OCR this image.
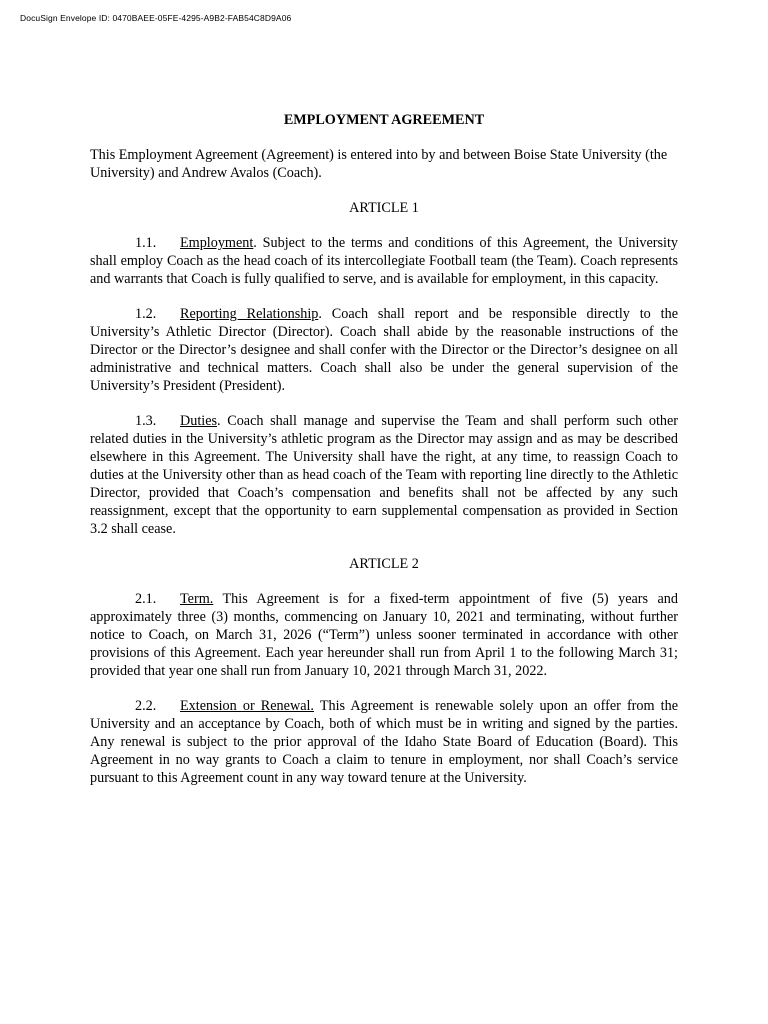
DocuSign Envelope ID: 0470BAEE-05FE-4295-A9B2-FAB54C8D9A06
EMPLOYMENT AGREEMENT

This Employment Agreement (Agreement) is entered into by and between Boise State University (the University) and Andrew Avalos (Coach).

ARTICLE 1

1.1. Employment. Subject to the terms and conditions of this Agreement, the University shall employ Coach as the head coach of its intercollegiate Football team (the Team). Coach represents and warrants that Coach is fully qualified to serve, and is available for employment, in this capacity.

1.2. Reporting Relationship. Coach shall report and be responsible directly to the University’s Athletic Director (Director). Coach shall abide by the reasonable instructions of the Director or the Director’s designee and shall confer with the Director or the Director’s designee on all administrative and technical matters. Coach shall also be under the general supervision of the University’s President (President).

1.3. Duties. Coach shall manage and supervise the Team and shall perform such other related duties in the University’s athletic program as the Director may assign and as may be described elsewhere in this Agreement. The University shall have the right, at any time, to reassign Coach to duties at the University other than as head coach of the Team with reporting line directly to the Athletic Director, provided that Coach’s compensation and benefits shall not be affected by any such reassignment, except that the opportunity to earn supplemental compensation as provided in Section 3.2 shall cease.

ARTICLE 2

2.1. Term. This Agreement is for a fixed-term appointment of five (5) years and approximately three (3) months, commencing on January 10, 2021 and terminating, without further notice to Coach, on March 31, 2026 (“Term”) unless sooner terminated in accordance with other provisions of this Agreement. Each year hereunder shall run from April 1 to the following March 31; provided that year one shall run from January 10, 2021 through March 31, 2022.

2.2. Extension or Renewal. This Agreement is renewable solely upon an offer from the University and an acceptance by Coach, both of which must be in writing and signed by the parties. Any renewal is subject to the prior approval of the Idaho State Board of Education (Board). This Agreement in no way grants to Coach a claim to tenure in employment, nor shall Coach’s service pursuant to this Agreement count in any way toward tenure at the University.
